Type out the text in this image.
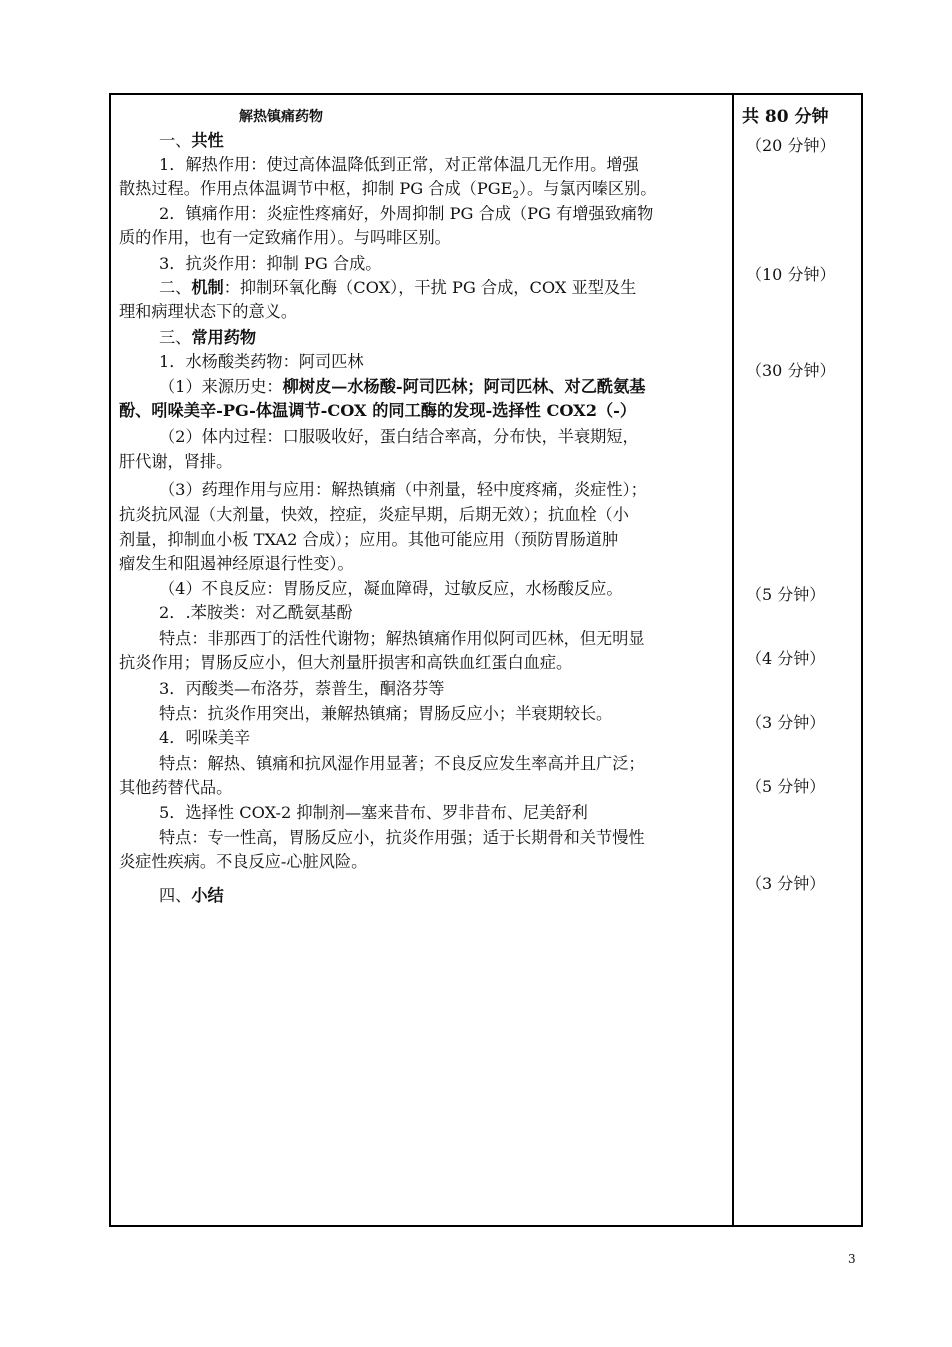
解热镇痛药物
一、共性
1．解热作用：使过高体温降低到正常，对正常体温几无作用。增强
散热过程。作用点体温调节中枢，抑制 PG 合成$(PGE_2)$。与氯丙嗪区别。
2．镇痛作用：炎症性疼痛好，外周抑制 PG 合成（PG 有增强致痛物
质的作用，也有一定致痛作用）。与吗啡区别。
3．抗炎作用：抑制 PG 合成。
二、机制：抑制环氧化酶（COX），干扰 PG 合成，COX 亚型及生
理和病理状态下的意义。
三、常用药物
1．水杨酸类药物：阿司匹林
（1）来源历史：柳树皮—水杨酸-阿司匹林；阿司匹林、对乙酰氨基
酚、吲哚美辛-PG-体温调节-COX 的同工酶的发现-选择性 COX2（-）
（2）体内过程：口服吸收好，蛋白结合率高，分布快，半衰期短，
肝代谢，肾排。
（3）药理作用与应用：解热镇痛（中剂量，轻中度疼痛，炎症性）；
抗炎抗风湿（大剂量，快效，控症，炎症早期，后期无效）；抗血栓（小
剂量，抑制血小板 TXA2 合成）；应用。其他可能应用（预防胃肠道肿
瘤发生和阻遏神经原退行性变）。
（4）不良反应：胃肠反应，凝血障碍，过敏反应，水杨酸反应。
2．.苯胺类：对乙酰氨基酚
特点：非那西丁的活性代谢物；解热镇痛作用似阿司匹林，但无明显
抗炎作用；胃肠反应小，但大剂量肝损害和高铁血红蛋白血症。
3．丙酸类—布洛芬，萘普生，酮洛芬等
特点：抗炎作用突出，兼解热镇痛；胃肠反应小；半衰期较长。
4．吲哚美辛
特点：解热、镇痛和抗风湿作用显著；不良反应发生率高并且广泛；
其他药替代品。
5．选择性 COX-2 抑制剂—塞来昔布、罗非昔布、尼美舒利
特点：专一性高，胃肠反应小，抗炎作用强；适于长期骨和关节慢性
炎症性疾病。不良反应-心脏风险。
四、小结
共 80 分钟
（20 分钟）
（10 分钟）
（30 分钟）
（5 分钟）
（4 分钟）
（3 分钟）
（5 分钟）
（3 分钟）
3
